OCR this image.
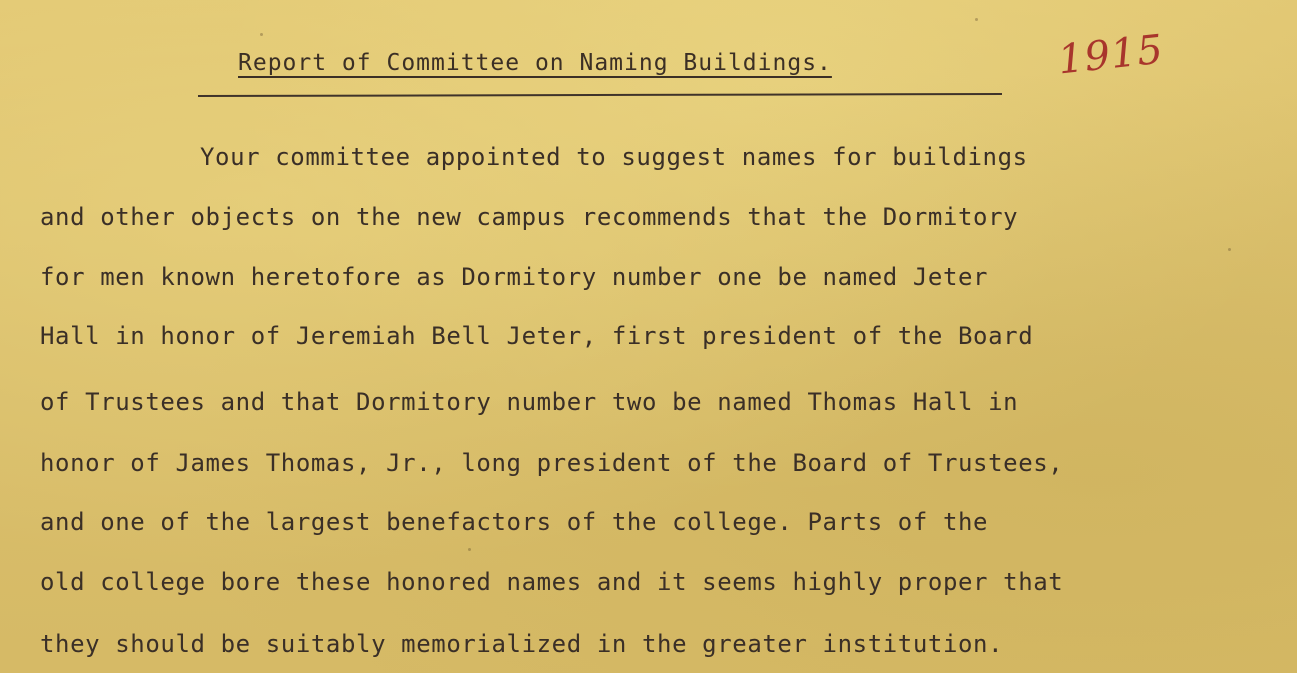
Report of Committee on Naming Buildings.	1915
Your committee appointed to suggest names for buildings
and other objects on the new campus recommends that the Dormitory
for men known heretofore as Dormitory number one be named Jeter
Hall in honor of Jeremiah Bell Jeter, first president of the Board
of Trustees and that Dormitory number two be named Thomas Hall in
honor of James Thomas, Jr., long president of the Board of Trustees,
and one of the largest benefactors of the college. Parts of the
old college bore these honored names and it seems highly proper that
they should be suitably memorialized in the greater institution.
